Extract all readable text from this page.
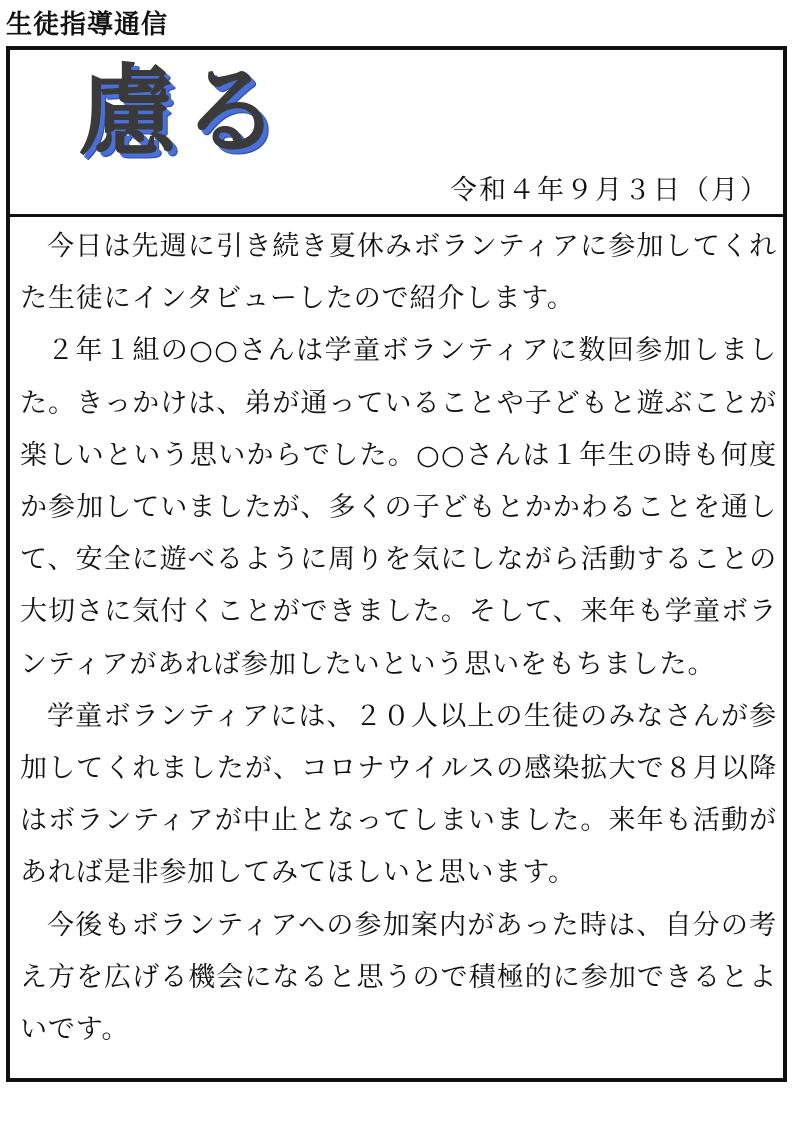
生徒指導通信
慮る
令和４年９月３日（月）

今日は先週に引き続き夏休みボランティアに参加してくれた生徒にインタビューしたので紹介します。

２年１組の○○さんは学童ボランティアに数回参加しました。きっかけは、弟が通っていることや子どもと遊ぶことが楽しいという思いからでした。○○さんは１年生の時も何度か参加していましたが、多くの子どもとかかわることを通して、安全に遊べるように周りを気にしながら活動することの大切さに気付くことができました。そして、来年も学童ボランティアがあれば参加したいという思いをもちました。

学童ボランティアには、２０人以上の生徒のみなさんが参加してくれましたが、コロナウイルスの感染拡大で８月以降はボランティアが中止となってしまいました。来年も活動があれば是非参加してみてほしいと思います。

今後もボランティアへの参加案内があった時は、自分の考え方を広げる機会になると思うので積極的に参加できるとよいです。
